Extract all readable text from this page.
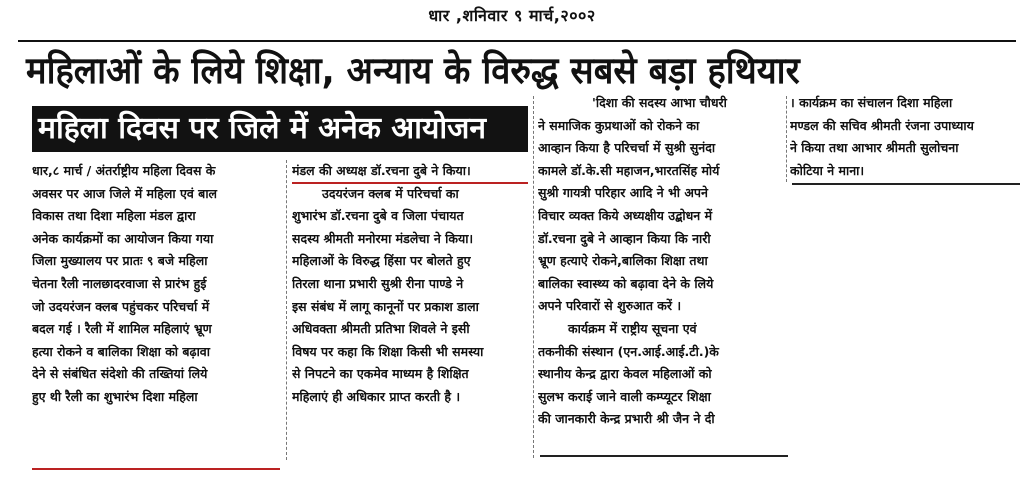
धार ,शनिवार ९ मार्च,२००२
महिलाओं के लिये शिक्षा, अन्याय के विरुद्ध सबसे बड़ा हथियार
महिला दिवस पर जिले में अनेक आयोजन
धार,८ मार्च / अंतर्राष्ट्रीय महिला दिवस के
अवसर पर आज जिले में महिला एवं बाल
विकास तथा दिशा महिला मंडल द्वारा
अनेक कार्यक्रमों का आयोजन किया गया
जिला मुख्यालय पर प्रातः ९ बजे महिला
चेतना रैली नालछादरवाजा से प्रारंभ हुई
जो उदयरंजन क्लब पहुंचकर परिचर्चा में
बदल गई । रैली में शामिल महिलाएं भ्रूण
हत्या रोकने व बालिका शिक्षा को बढ़ावा
देने से संबंधित संदेशो की तख्तियां लिये
हुए थी रैली का शुभारंभ दिशा महिला
मंडल की अध्यक्ष डॉ.रचना दुबे ने किया।
उदयरंजन क्लब में परिचर्चा का
शुभारंभ डॉ.रचना दुबे व जिला पंचायत
सदस्य श्रीमती मनोरमा मंडलेचा ने किया।
महिलाओं के विरुद्ध हिंसा पर बोलते हुए
तिरला थाना प्रभारी सुश्री रीना पाण्डे ने
इस संबंध में लागू कानूनों पर प्रकाश डाला
अधिवक्ता श्रीमती प्रतिभा शिवले ने इसी
विषय पर कहा कि शिक्षा किसी भी समस्या
से निपटने का एकमेव माध्यम है शिक्षित
महिलाएं ही अधिकार प्राप्त करती है ।
'दिशा की सदस्य आभा चौधरी
ने समाजिक कुप्रथाओं को रोकने का
आव्हान किया है परिचर्चा में सुश्री सुनंदा
कामले डॉ.के.सी महाजन,भारतसिंह मोर्य
सुश्री गायत्री परिहार आदि ने भी अपने
विचार व्यक्त किये अध्यक्षीय उद्बोधन में
डॉ.रचना दुबे ने आव्हान किया कि नारी
भ्रूण हत्याऐ रोकने,बालिका शिक्षा तथा
बालिका स्वास्थ्य को बढ़ावा देने के लिये
अपने परिवारों से शुरुआत करें ।
कार्यक्रम में राष्ट्रीय सूचना एवं
तकनीकी संस्थान (एन.आई.आई.टी.)के
स्थानीय केन्द्र द्वारा केवल महिलाओं को
सुलभ कराई जाने वाली कम्प्यूटर शिक्षा
की जानकारी केन्द्र प्रभारी श्री जैन ने दी
। कार्यक्रम का संचालन दिशा महिला
मण्डल की सचिव श्रीमती रंजना उपाध्याय
ने किया तथा आभार श्रीमती सुलोचना
कोटिया ने माना।
